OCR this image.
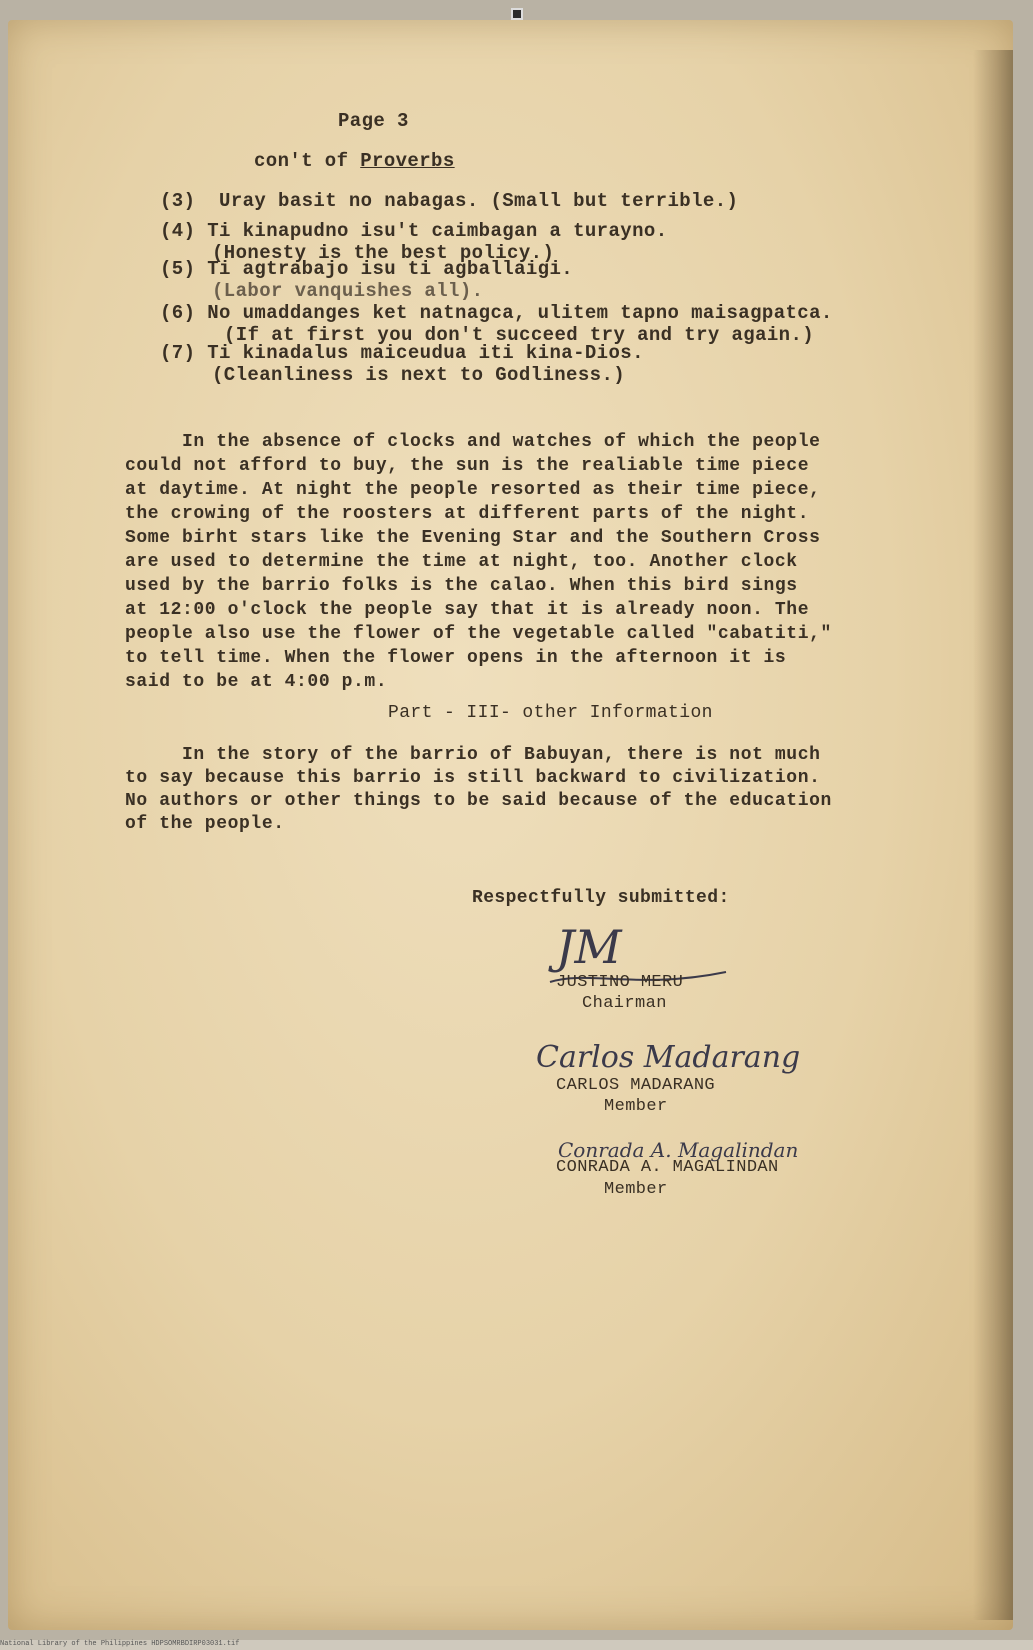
Page 3
con't of Proverbs
(3) Uray basit no nabagas. (Small but terrible.)
(4) Ti kinapudno isu't caimbagan a turayno.
(Honesty is the best policy.)
(5) Ti agtrabajo isu ti agballaigi.
(Labor vanquishes all).
(6) No umaddanges ket natnagca, ulitem tapno maisagpatca.
(If at first you don't succeed try and try again.)
(7) Ti kinadalus maiceudua iti kina-Dios.
(Cleanliness is next to Godliness.)
In the absence of clocks and watches of which the people
could not afford to buy, the sun is the realiable time piece
at daytime. At night the people resorted as their time piece,
the crowing of the roosters at different parts of the night.
Some birht stars like the Evening Star and the Southern Cross
are used to determine the time at night, too. Another clock
used by the barrio folks is the calao. When this bird sings
at 12:00 o'clock the people say that it is already noon. The
people also use the flower of the vegetable called "cabatiti,"
to tell time. When the flower opens in the afternoon it is
said to be at 4:00 p.m.
Part - III- other Information
In the story of the barrio of Babuyan, there is not much
to say because this barrio is still backward to civilization.
No authors or other things to be said because of the education
of the people.
Respectfully submitted:
JM
JUSTINO MERU
Chairman
Carlos Madarang
CARLOS MADARANG
Member
Conrada A. Magalindan
CONRADA A. MAGALINDAN
Member
National Library of the Philippines HDPSOMRBDIRP03031.tif
